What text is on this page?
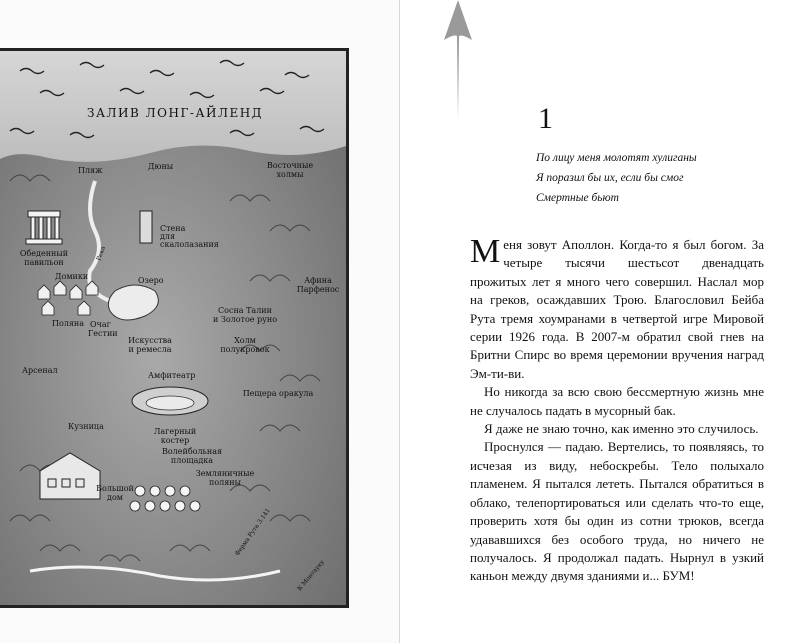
ЗАЛИВ ЛОНГ-АЙЛЕНД
Пляж	Дюны	Восточные
холмы
Обеденный
павильон
Стена
для
скалолазания
Река
Озеро
Домики
Поляна Очаг
Гестии
Афина
Парфенос
Сосна Талии
и Золотое руно
Искусства
и ремесла
Холм
полукровок
Арсенал
Амфитеатр
Пещера оракула
Кузница
Лагерный
костер
Волейбольная
площадка
Большой
дом
Земляничные
поляны
Ферма Рута 3.141
К Монтауку
1
По лицу меня молотят хулиганы
Я поразил бы их, если бы смог
Смертные бьют

Меня зовут Аполлон. Когда-то я был богом. За четыре тысячи шестьсот двенадцать прожитых лет я много чего совершил. Наслал мор на греков, осаждавших Трою. Благословил Бейба Рута тремя хоумранами в четвертой игре Мировой серии 1926 года. В 2007-м обратил свой гнев на Бритни Спирс во время церемонии вручения наград Эм-ти-ви.

Но никогда за всю свою бессмертную жизнь мне не случалось падать в мусорный бак.

Я даже не знаю точно, как именно это случилось.

Проснулся — падаю. Вертелись, то появляясь, то исчезая из виду, небоскребы. Тело полыхало пламенем. Я пытался лететь. Пытался обратиться в облако, телепортироваться или сделать что-то еще, проверить хотя бы один из сотни трюков, всегда удававшихся без особого труда, но ничего не получалось. Я продолжал падать. Нырнул в узкий каньон между двумя зданиями и... БУМ!
